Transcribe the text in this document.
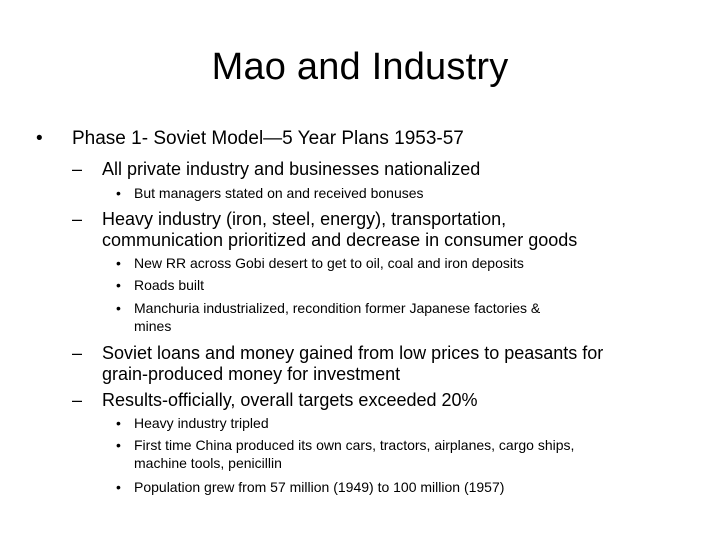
Mao and Industry
• Phase 1- Soviet Model—5 Year Plans 1953-57
– All private industry and businesses nationalized
• But managers stated on and received bonuses
– Heavy industry (iron, steel, energy), transportation,
communication prioritized and decrease in consumer goods
• New RR across Gobi desert to get to oil, coal and iron deposits
• Roads built
• Manchuria industrialized, recondition former Japanese factories &
mines
– Soviet loans and money gained from low prices to peasants for
grain-produced money for investment
– Results-officially, overall targets exceeded 20%
• Heavy industry tripled
• First time China produced its own cars, tractors, airplanes, cargo ships,
machine tools, penicillin
• Population grew from 57 million (1949) to 100 million (1957)
